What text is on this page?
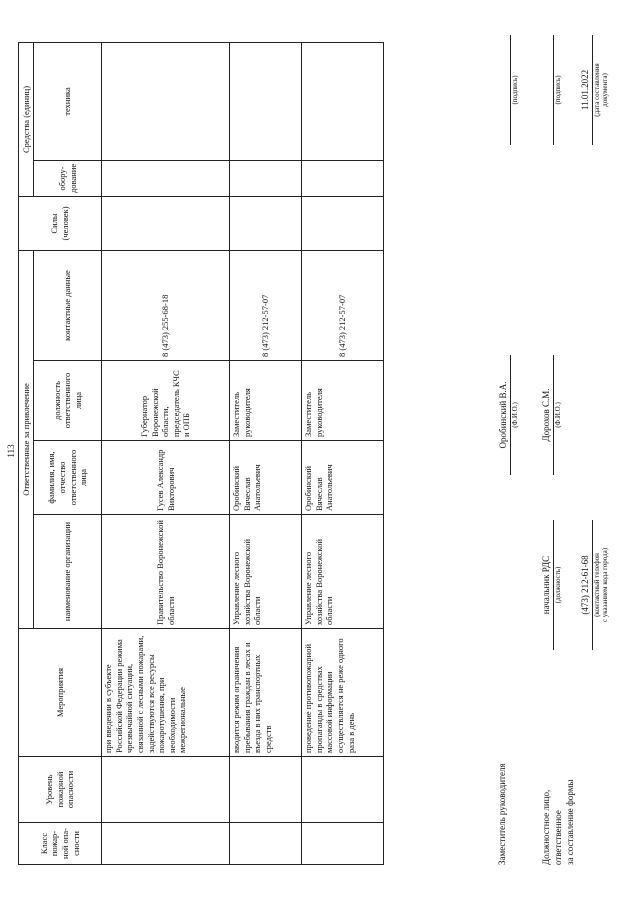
113
Класс пожар-ной опа-сности	Уровень пожарной опасности	Мероприятия	Ответственные за привлечение				Силы (человек)	Средства (единиц)	
			наименование организации	фамилия, имя, отчество ответственного лица	должность ответственного лица	контактные данные		обору-дование	техника
		при введении в субъекте Российской Федерации режима чрезвычайной ситуации, связанной с лесными пожарами, задействуются все ресурсы пожаротушения, при необходимости межрегиональные	Правительство Воронежской области	Гусев Александр Викторович	Губернатор Воронежской области, председатель КЧС и ОПБ	8 (473) 255-68-18			
		вводится режим ограничения пребывания граждан в лесах и въезда в них транспортных средств	Управление лесного хозяйства Воронежской области	Оробинский Вячеслав Анатольевич	Заместитель руководителя	8 (473) 212-57-07			
		проведение противопожарной пропаганды в средствах массовой информации осуществляется не реже одного раза в день	Управление лесного хозяйства Воронежской области	Оробинский Вячеслав Анатольевич	Заместитель руководителя	8 (473) 212-57-07			
Заместитель руководителя
Оробинский В.А. (Ф.И.О.)
(подпись)
Должностное лицо, ответственное за составление формы
начальник РДС (должность)
Дорохов С.М. (Ф.И.О.)
(подпись)
(473) 212-61-68 (контактный телефон с указанием кода города)
11.01.2022 (дата составления документа)
